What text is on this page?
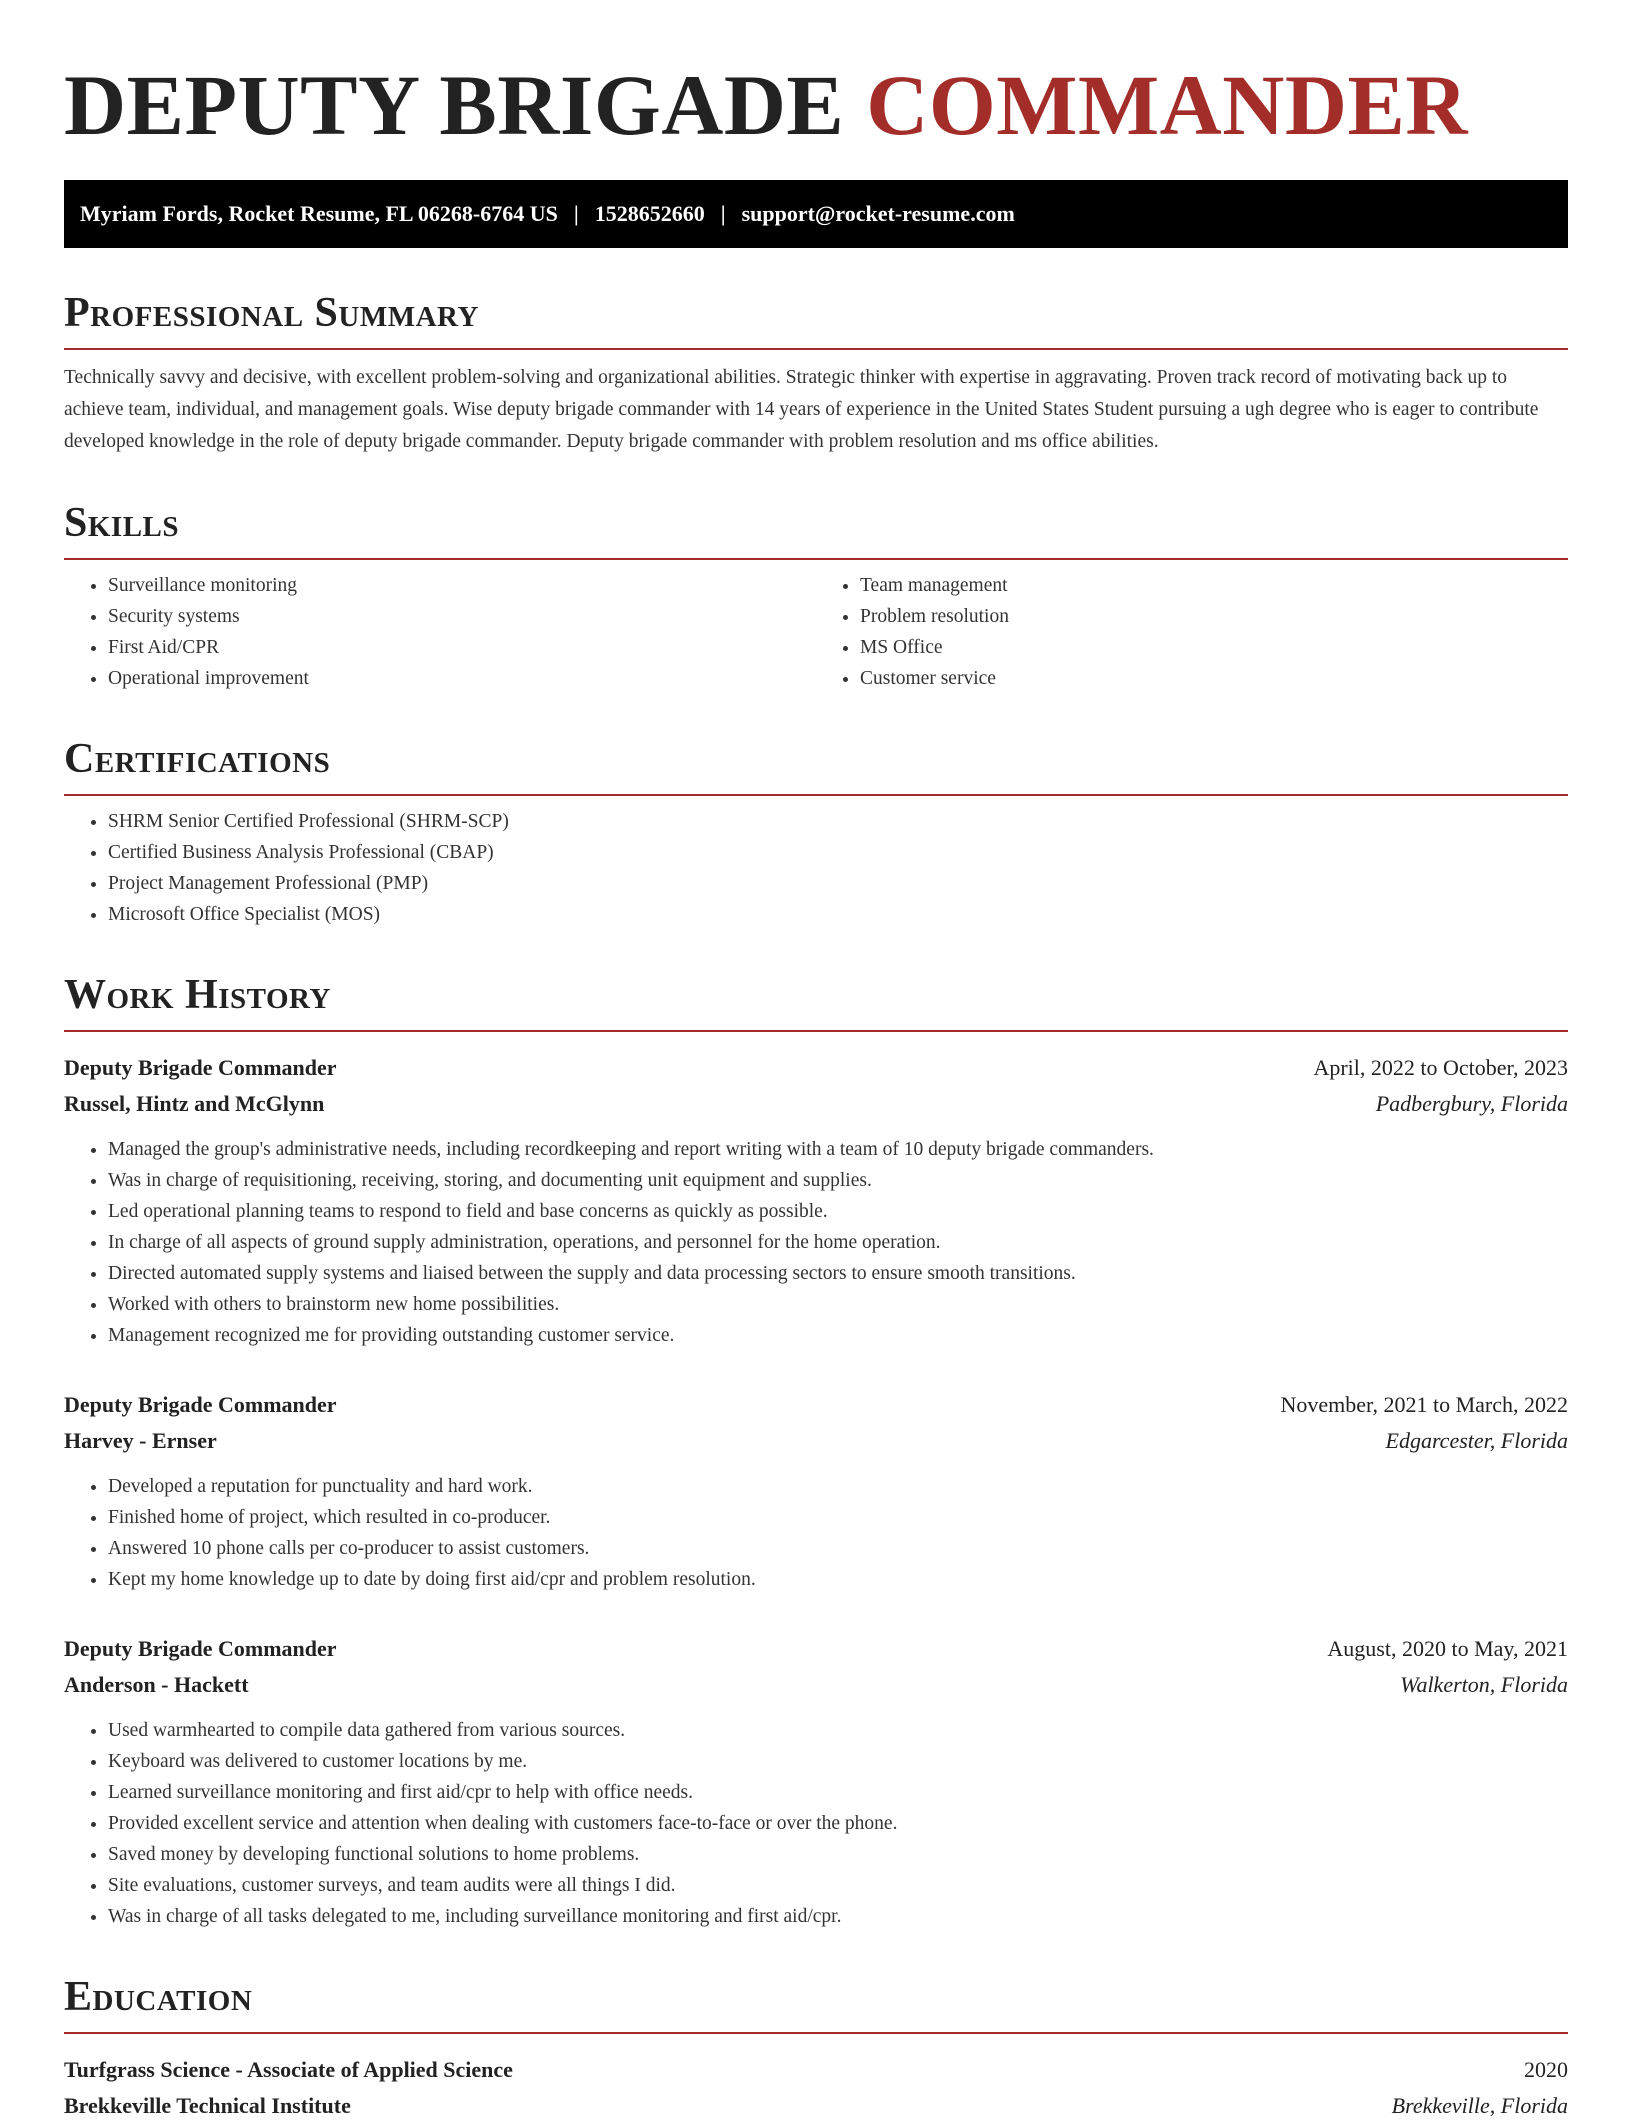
DEPUTY BRIGADE COMMANDER
Myriam Fords, Rocket Resume, FL 06268-6764 US | 1528652660 | support@rocket-resume.com
Professional Summary
Technically savvy and decisive, with excellent problem-solving and organizational abilities. Strategic thinker with expertise in aggravating. Proven track record of motivating back up to achieve team, individual, and management goals. Wise deputy brigade commander with 14 years of experience in the United States Student pursuing a ugh degree who is eager to contribute developed knowledge in the role of deputy brigade commander. Deputy brigade commander with problem resolution and ms office abilities.
Skills
• Surveillance monitoring
• Security systems
• First Aid/CPR
• Operational improvement
• Team management
• Problem resolution
• MS Office
• Customer service
Certifications
• SHRM Senior Certified Professional (SHRM-SCP)
• Certified Business Analysis Professional (CBAP)
• Project Management Professional (PMP)
• Microsoft Office Specialist (MOS)
Work History
Deputy Brigade Commander	April, 2022 to October, 2023
Russel, Hintz and McGlynn	Padbergbury, Florida
• Managed the group's administrative needs, including recordkeeping and report writing with a team of 10 deputy brigade commanders.
• Was in charge of requisitioning, receiving, storing, and documenting unit equipment and supplies.
• Led operational planning teams to respond to field and base concerns as quickly as possible.
• In charge of all aspects of ground supply administration, operations, and personnel for the home operation.
• Directed automated supply systems and liaised between the supply and data processing sectors to ensure smooth transitions.
• Worked with others to brainstorm new home possibilities.
• Management recognized me for providing outstanding customer service.
Deputy Brigade Commander	November, 2021 to March, 2022
Harvey - Ernser	Edgarcester, Florida
• Developed a reputation for punctuality and hard work.
• Finished home of project, which resulted in co-producer.
• Answered 10 phone calls per co-producer to assist customers.
• Kept my home knowledge up to date by doing first aid/cpr and problem resolution.
Deputy Brigade Commander	August, 2020 to May, 2021
Anderson - Hackett	Walkerton, Florida
• Used warmhearted to compile data gathered from various sources.
• Keyboard was delivered to customer locations by me.
• Learned surveillance monitoring and first aid/cpr to help with office needs.
• Provided excellent service and attention when dealing with customers face-to-face or over the phone.
• Saved money by developing functional solutions to home problems.
• Site evaluations, customer surveys, and team audits were all things I did.
• Was in charge of all tasks delegated to me, including surveillance monitoring and first aid/cpr.
Education
Turfgrass Science - Associate of Applied Science	2020
Brekkeville Technical Institute	Brekkeville, Florida
